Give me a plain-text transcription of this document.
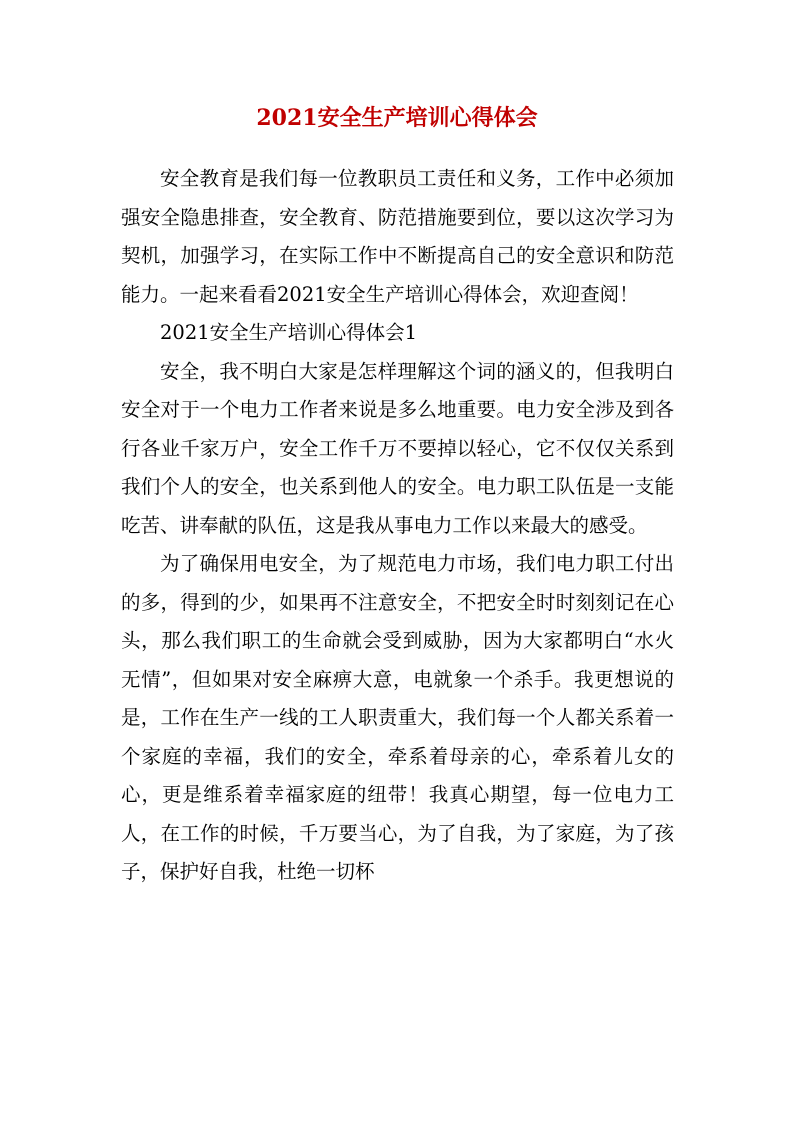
2021安全生产培训心得体会

安全教育是我们每一位教职员工责任和义务，工作中必须加强安全隐患排查，安全教育、防范措施要到位，要以这次学习为契机，加强学习，在实际工作中不断提高自己的安全意识和防范能力。一起来看看2021安全生产培训心得体会，欢迎查阅！

2021安全生产培训心得体会1

安全，我不明白大家是怎样理解这个词的涵义的，但我明白安全对于一个电力工作者来说是多么地重要。电力安全涉及到各行各业千家万户，安全工作千万不要掉以轻心，它不仅仅关系到我们个人的安全，也关系到他人的安全。电力职工队伍是一支能吃苦、讲奉献的队伍，这是我从事电力工作以来最大的感受。

为了确保用电安全，为了规范电力市场，我们电力职工付出的多，得到的少，如果再不注意安全，不把安全时时刻刻记在心头，那么我们职工的生命就会受到威胁，因为大家都明白“水火无情”，但如果对安全麻痹大意，电就象一个杀手。我更想说的是，工作在生产一线的工人职责重大，我们每一个人都关系着一个家庭的幸福，我们的安全，牵系着母亲的心，牵系着儿女的心，更是维系着幸福家庭的纽带！我真心期望，每一位电力工人，在工作的时候，千万要当心，为了自我，为了家庭，为了孩子，保护好自我，杜绝一切杯
